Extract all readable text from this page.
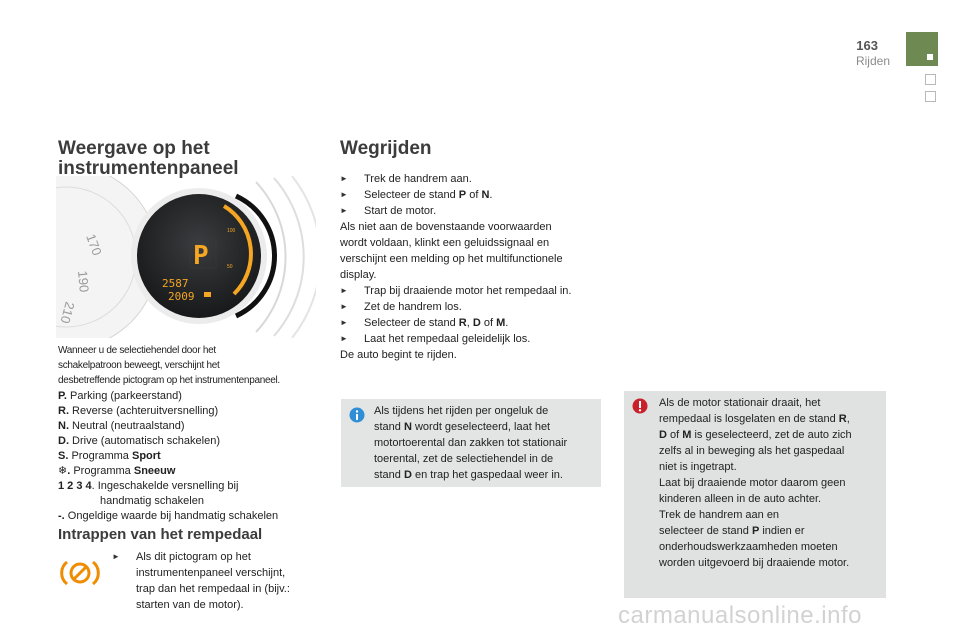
163
Rijden
Weergave op het
instrumentenpaneel
170
190
210
100
50
P
2587
2009
Wanneer u de selectiehendel door het
schakelpatroon beweegt, verschijnt het
desbetreffende pictogram op het instrumentenpaneel.
P. Parking (parkeerstand)
R. Reverse (achteruitversnelling)
N. Neutral (neutraalstand)
D. Drive (automatisch schakelen)
S. Programma Sport
❄. Programma Sneeuw
1 2 3 4. Ingeschakelde versnelling bij
handmatig schakelen
-. Ongeldige waarde bij handmatig schakelen
Intrappen van het rempedaal
► Als dit pictogram op het
instrumentenpaneel verschijnt,
trap dan het rempedaal in (bijv.:
starten van de motor).
Wegrijden
► Trek de handrem aan.
► Selecteer de stand P of N.
► Start de motor.
Als niet aan de bovenstaande voorwaarden
wordt voldaan, klinkt een geluidssignaal en
verschijnt een melding op het multifunctionele
display.
► Trap bij draaiende motor het rempedaal in.
► Zet de handrem los.
► Selecteer de stand R, D of M.
► Laat het rempedaal geleidelijk los.
De auto begint te rijden.
Als tijdens het rijden per ongeluk de
stand N wordt geselecteerd, laat het
motortoerental dan zakken tot stationair
toerental, zet de selectiehendel in de
stand D en trap het gaspedaal weer in.
Als de motor stationair draait, het
rempedaal is losgelaten en de stand R,
D of M is geselecteerd, zet de auto zich
zelfs al in beweging als het gaspedaal
niet is ingetrapt.
Laat bij draaiende motor daarom geen
kinderen alleen in de auto achter.
Trek de handrem aan en
selecteer de stand P indien er
onderhoudswerkzaamheden moeten
worden uitgevoerd bij draaiende motor.
carmanualsonline.info
